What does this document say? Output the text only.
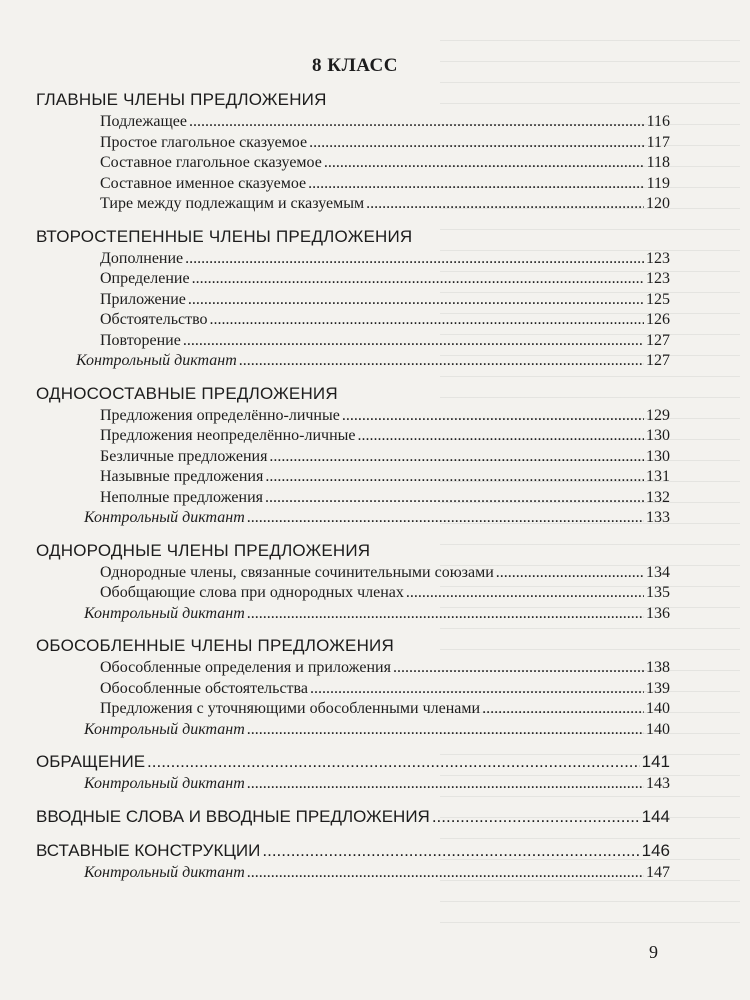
8 КЛАСС
ГЛАВНЫЕ ЧЛЕНЫ ПРЕДЛОЖЕНИЯ
Подлежащее .....	116
Простое глагольное сказуемое .....	117
Составное глагольное сказуемое .....	118
Составное именное сказуемое .....	119
Тире между подлежащим и сказуемым .....	120
ВТОРОСТЕПЕННЫЕ ЧЛЕНЫ ПРЕДЛОЖЕНИЯ
Дополнение .....	123
Определение .....	123
Приложение .....	125
Обстоятельство .....	126
Повторение .....	127
Контрольный диктант .....	127
ОДНОСОСТАВНЫЕ ПРЕДЛОЖЕНИЯ
Предложения определённо-личные .....	129
Предложения неопределённо-личные .....	130
Безличные предложения .....	130
Назывные предложения .....	131
Неполные предложения .....	132
Контрольный диктант .....	133
ОДНОРОДНЫЕ ЧЛЕНЫ ПРЕДЛОЖЕНИЯ
Однородные члены, связанные сочинительными союзами .....	134
Обобщающие слова при однородных членах .....	135
Контрольный диктант .....	136
ОБОСОБЛЕННЫЕ ЧЛЕНЫ ПРЕДЛОЖЕНИЯ
Обособленные определения и приложения .....	138
Обособленные обстоятельства .....	139
Предложения с уточняющими обособленными членами .....	140
Контрольный диктант .....	140
ОБРАЩЕНИЕ .....	141
Контрольный диктант .....	143
ВВОДНЫЕ СЛОВА И ВВОДНЫЕ ПРЕДЛОЖЕНИЯ .....	144
ВСТАВНЫЕ КОНСТРУКЦИИ .....	146
Контрольный диктант .....	147
9
